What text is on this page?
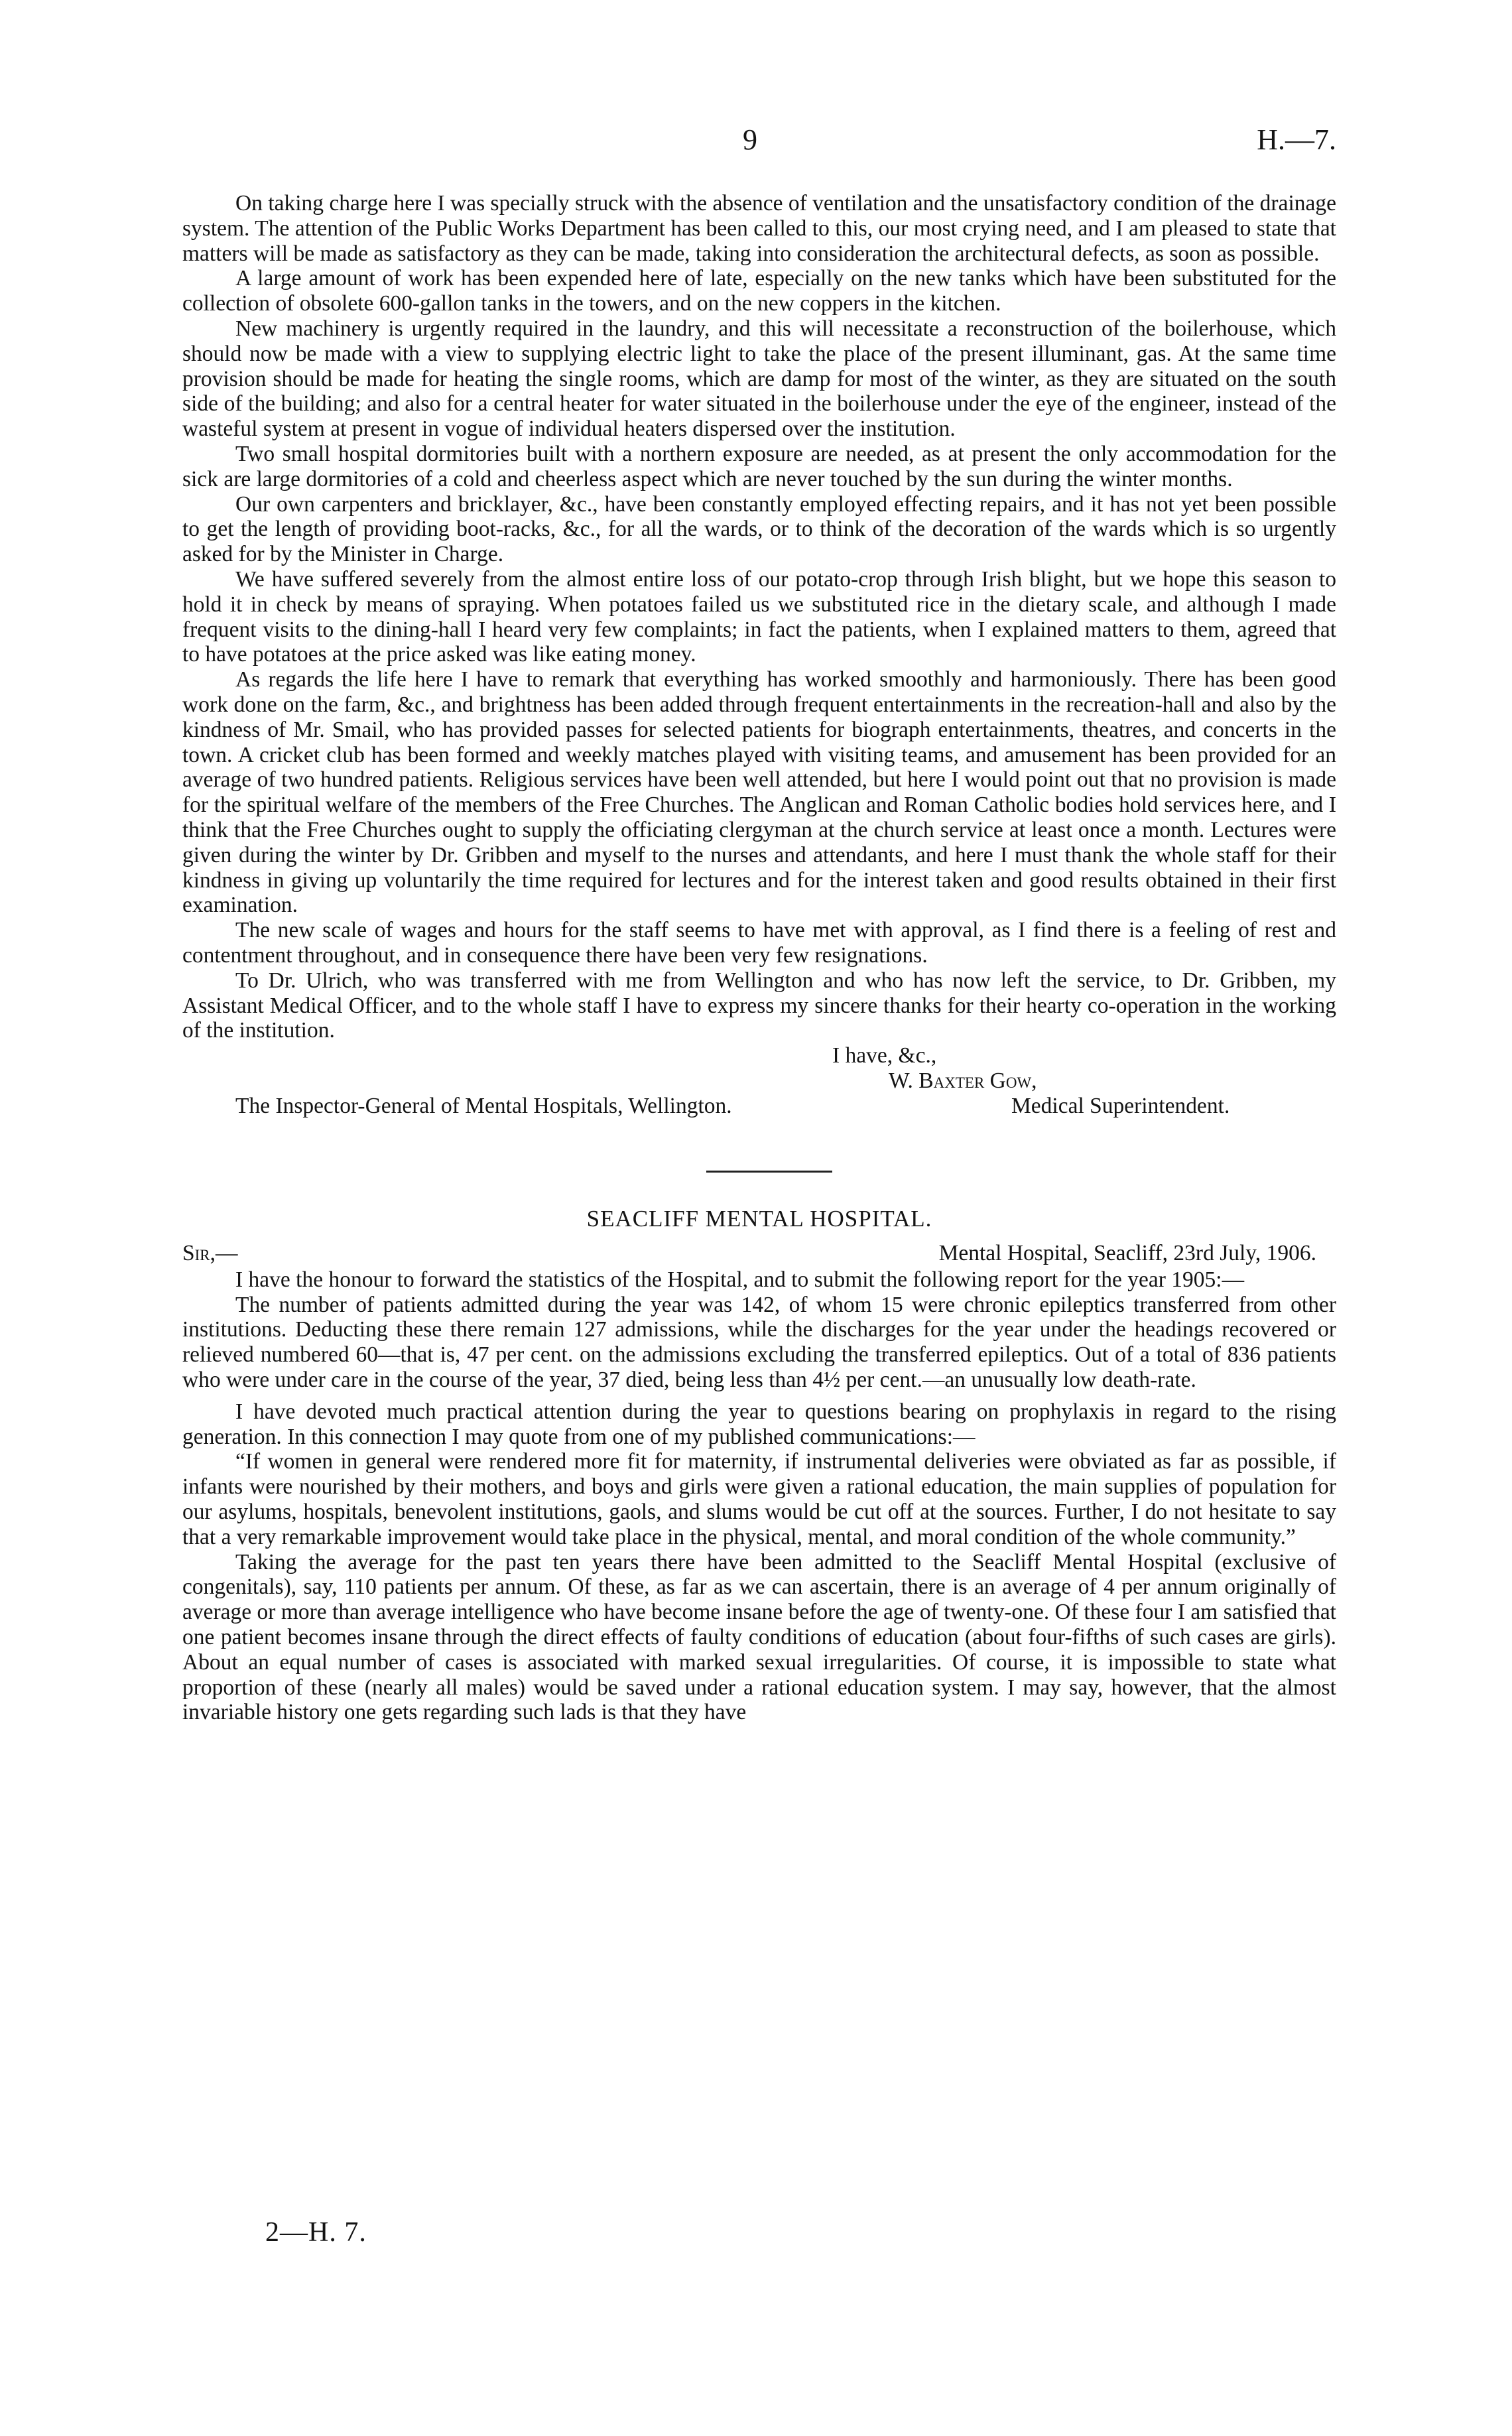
9	H.—7.

On taking charge here I was specially struck with the absence of ventilation and the unsatisfactory condition of the drainage system. The attention of the Public Works Department has been called to this, our most crying need, and I am pleased to state that matters will be made as satisfactory as they can be made, taking into consideration the architectural defects, as soon as possible.

A large amount of work has been expended here of late, especially on the new tanks which have been substituted for the collection of obsolete 600-gallon tanks in the towers, and on the new coppers in the kitchen.

New machinery is urgently required in the laundry, and this will necessitate a reconstruction of the boilerhouse, which should now be made with a view to supplying electric light to take the place of the present illuminant, gas. At the same time provision should be made for heating the single rooms, which are damp for most of the winter, as they are situated on the south side of the building; and also for a central heater for water situated in the boilerhouse under the eye of the engineer, instead of the wasteful system at present in vogue of individual heaters dispersed over the institution.

Two small hospital dormitories built with a northern exposure are needed, as at present the only accommodation for the sick are large dormitories of a cold and cheerless aspect which are never touched by the sun during the winter months.

Our own carpenters and bricklayer, &c., have been constantly employed effecting repairs, and it has not yet been possible to get the length of providing boot-racks, &c., for all the wards, or to think of the decoration of the wards which is so urgently asked for by the Minister in Charge.

We have suffered severely from the almost entire loss of our potato-crop through Irish blight, but we hope this season to hold it in check by means of spraying. When potatoes failed us we substituted rice in the dietary scale, and although I made frequent visits to the dining-hall I heard very few complaints; in fact the patients, when I explained matters to them, agreed that to have potatoes at the price asked was like eating money.

As regards the life here I have to remark that everything has worked smoothly and harmoniously. There has been good work done on the farm, &c., and brightness has been added through frequent entertainments in the recreation-hall and also by the kindness of Mr. Smail, who has provided passes for selected patients for biograph entertainments, theatres, and concerts in the town. A cricket club has been formed and weekly matches played with visiting teams, and amusement has been provided for an average of two hundred patients. Religious services have been well attended, but here I would point out that no provision is made for the spiritual welfare of the members of the Free Churches. The Anglican and Roman Catholic bodies hold services here, and I think that the Free Churches ought to supply the officiating clergyman at the church service at least once a month. Lectures were given during the winter by Dr. Gribben and myself to the nurses and attendants, and here I must thank the whole staff for their kindness in giving up voluntarily the time required for lectures and for the interest taken and good results obtained in their first examination.

The new scale of wages and hours for the staff seems to have met with approval, as I find there is a feeling of rest and contentment throughout, and in consequence there have been very few resignations.

To Dr. Ulrich, who was transferred with me from Wellington and who has now left the service, to Dr. Gribben, my Assistant Medical Officer, and to the whole staff I have to express my sincere thanks for their hearty co-operation in the working of the institution.

I have, &c.,
W. Baxter Gow,
The Inspector-General of Mental Hospitals, Wellington.	Medical Superintendent.
SEACLIFF MENTAL HOSPITAL.
Sir,—	Mental Hospital, Seacliff, 23rd July, 1906.

I have the honour to forward the statistics of the Hospital, and to submit the following report for the year 1905:—

The number of patients admitted during the year was 142, of whom 15 were chronic epileptics transferred from other institutions. Deducting these there remain 127 admissions, while the discharges for the year under the headings recovered or relieved numbered 60—that is, 47 per cent. on the admissions excluding the transferred epileptics. Out of a total of 836 patients who were under care in the course of the year, 37 died, being less than 4½ per cent.—an unusually low death-rate.

I have devoted much practical attention during the year to questions bearing on prophylaxis in regard to the rising generation. In this connection I may quote from one of my published communications:—

“If women in general were rendered more fit for maternity, if instrumental deliveries were obviated as far as possible, if infants were nourished by their mothers, and boys and girls were given a rational education, the main supplies of population for our asylums, hospitals, benevolent institutions, gaols, and slums would be cut off at the sources. Further, I do not hesitate to say that a very remarkable improvement would take place in the physical, mental, and moral condition of the whole community.”

Taking the average for the past ten years there have been admitted to the Seacliff Mental Hospital (exclusive of congenitals), say, 110 patients per annum. Of these, as far as we can ascertain, there is an average of 4 per annum originally of average or more than average intelligence who have become insane before the age of twenty-one. Of these four I am satisfied that one patient becomes insane through the direct effects of faulty conditions of education (about four-fifths of such cases are girls). About an equal number of cases is associated with marked sexual irregularities. Of course, it is impossible to state what proportion of these (nearly all males) would be saved under a rational education system. I may say, however, that the almost invariable history one gets regarding such lads is that they have

2—H. 7.
